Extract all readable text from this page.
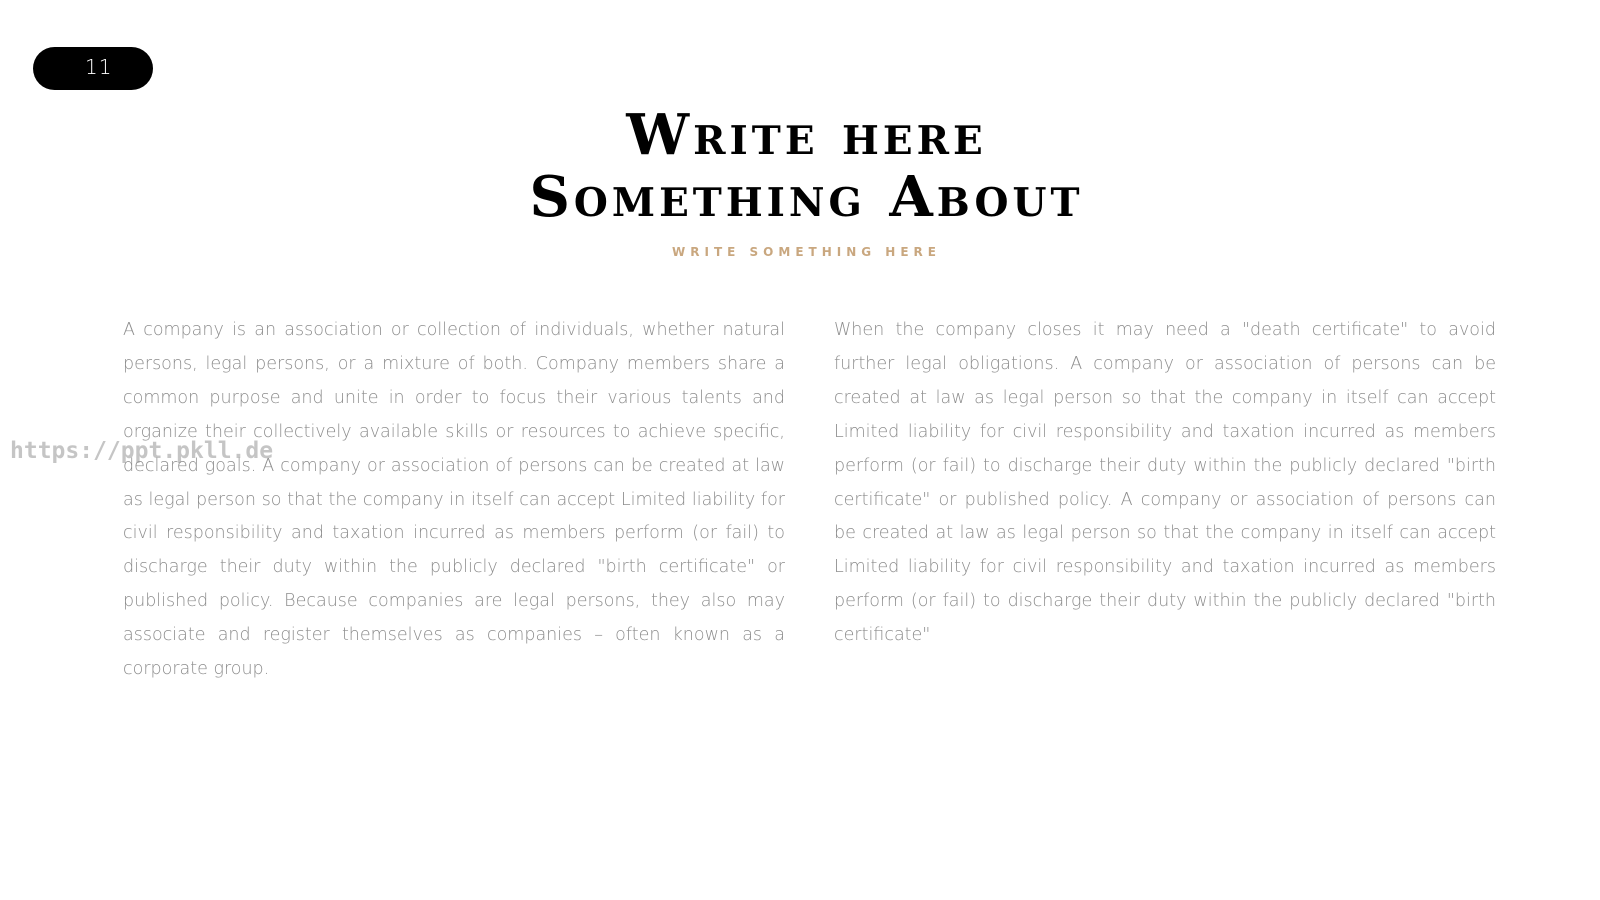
11
Write here
Something About

WRITE SOMETHING HERE

A company is an association or collection of individuals, whether natural persons, legal persons, or a mixture of both. Company members share a common purpose and unite in order to focus their various talents and organize their collectively available skills or resources to achieve specific, declared goals. A company or association of persons can be created at law as legal person so that the company in itself can accept Limited liability for civil responsibility and taxation incurred as members perform (or fail) to discharge their duty within the publicly declared "birth certificate" or published policy. Because companies are legal persons, they also may associate and register themselves as companies – often known as a corporate group.

When the company closes it may need a "death certificate" to avoid further legal obligations. A company or association of persons can be created at law as legal person so that the company in itself can accept Limited liability for civil responsibility and taxation incurred as members perform (or fail) to discharge their duty within the publicly declared "birth certificate" or published policy. A company or association of persons can be created at law as legal person so that the company in itself can accept Limited liability for civil responsibility and taxation incurred as members perform (or fail) to discharge their duty within the publicly declared "birth certificate"

https://ppt.pkll.de
